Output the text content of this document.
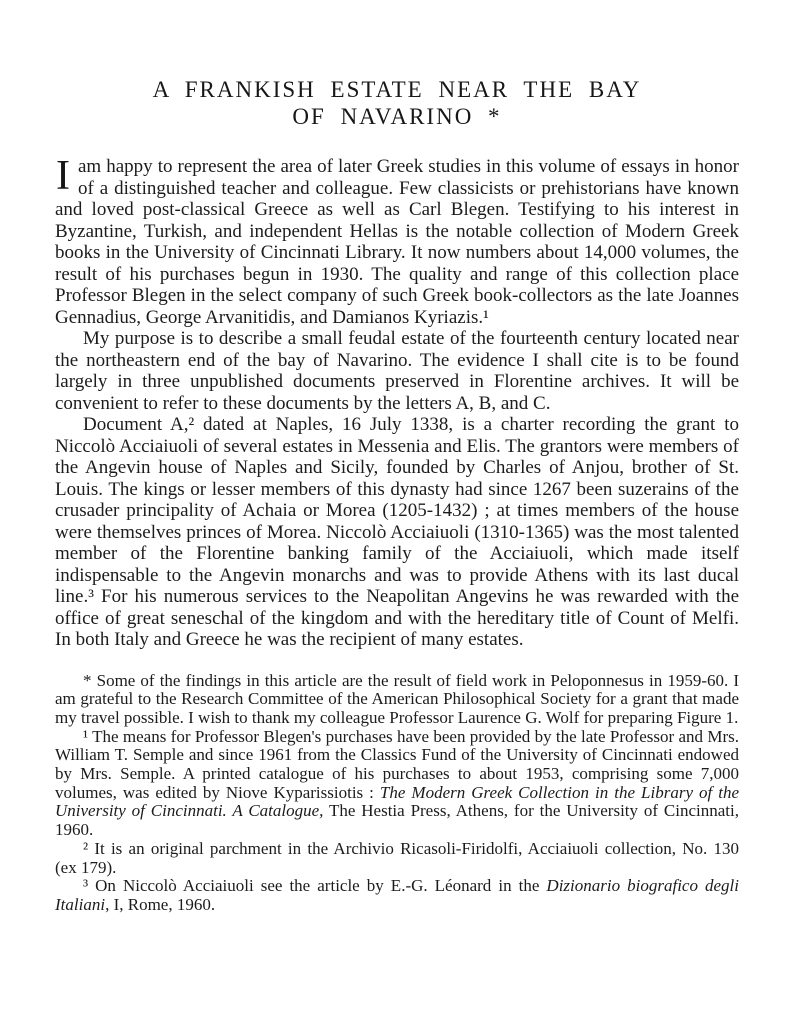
A FRANKISH ESTATE NEAR THE BAY
OF NAVARINO *

Iam happy to represent the area of later Greek studies in this volume of essays in honor of a distinguished teacher and colleague. Few classicists or prehistorians have known and loved post-classical Greece as well as Carl Blegen. Testifying to his interest in Byzantine, Turkish, and independent Hellas is the notable collection of Modern Greek books in the University of Cincinnati Library. It now numbers about 14,000 volumes, the result of his purchases begun in 1930. The quality and range of this collection place Professor Blegen in the select company of such Greek book-collectors as the late Joannes Gennadius, George Arvanitidis, and Damianos Kyriazis.¹

My purpose is to describe a small feudal estate of the fourteenth century located near the northeastern end of the bay of Navarino. The evidence I shall cite is to be found largely in three unpublished documents preserved in Florentine archives. It will be convenient to refer to these documents by the letters A, B, and C.

Document A,² dated at Naples, 16 July 1338, is a charter recording the grant to Niccolò Acciaiuoli of several estates in Messenia and Elis. The grantors were members of the Angevin house of Naples and Sicily, founded by Charles of Anjou, brother of St. Louis. The kings or lesser members of this dynasty had since 1267 been suzerains of the crusader principality of Achaia or Morea (1205-1432) ; at times members of the house were themselves princes of Morea. Niccolò Acciaiuoli (1310-1365) was the most talented member of the Florentine banking family of the Acciaiuoli, which made itself indispensable to the Angevin monarchs and was to provide Athens with its last ducal line.³ For his numerous services to the Neapolitan Angevins he was rewarded with the office of great seneschal of the kingdom and with the hereditary title of Count of Melfi. In both Italy and Greece he was the recipient of many estates.

* Some of the findings in this article are the result of field work in Peloponnesus in 1959-60. I am grateful to the Research Committee of the American Philosophical Society for a grant that made my travel possible. I wish to thank my colleague Professor Laurence G. Wolf for preparing Figure 1.

¹ The means for Professor Blegen's purchases have been provided by the late Professor and Mrs. William T. Semple and since 1961 from the Classics Fund of the University of Cincinnati endowed by Mrs. Semple. A printed catalogue of his purchases to about 1953, comprising some 7,000 volumes, was edited by Niove Kyparissiotis : The Modern Greek Collection in the Library of the University of Cincinnati. A Catalogue, The Hestia Press, Athens, for the University of Cincinnati, 1960.

² It is an original parchment in the Archivio Ricasoli-Firidolfi, Acciaiuoli collection, No. 130 (ex 179).

³ On Niccolò Acciaiuoli see the article by E.-G. Léonard in the Dizionario biografico degli Italiani, I, Rome, 1960.
